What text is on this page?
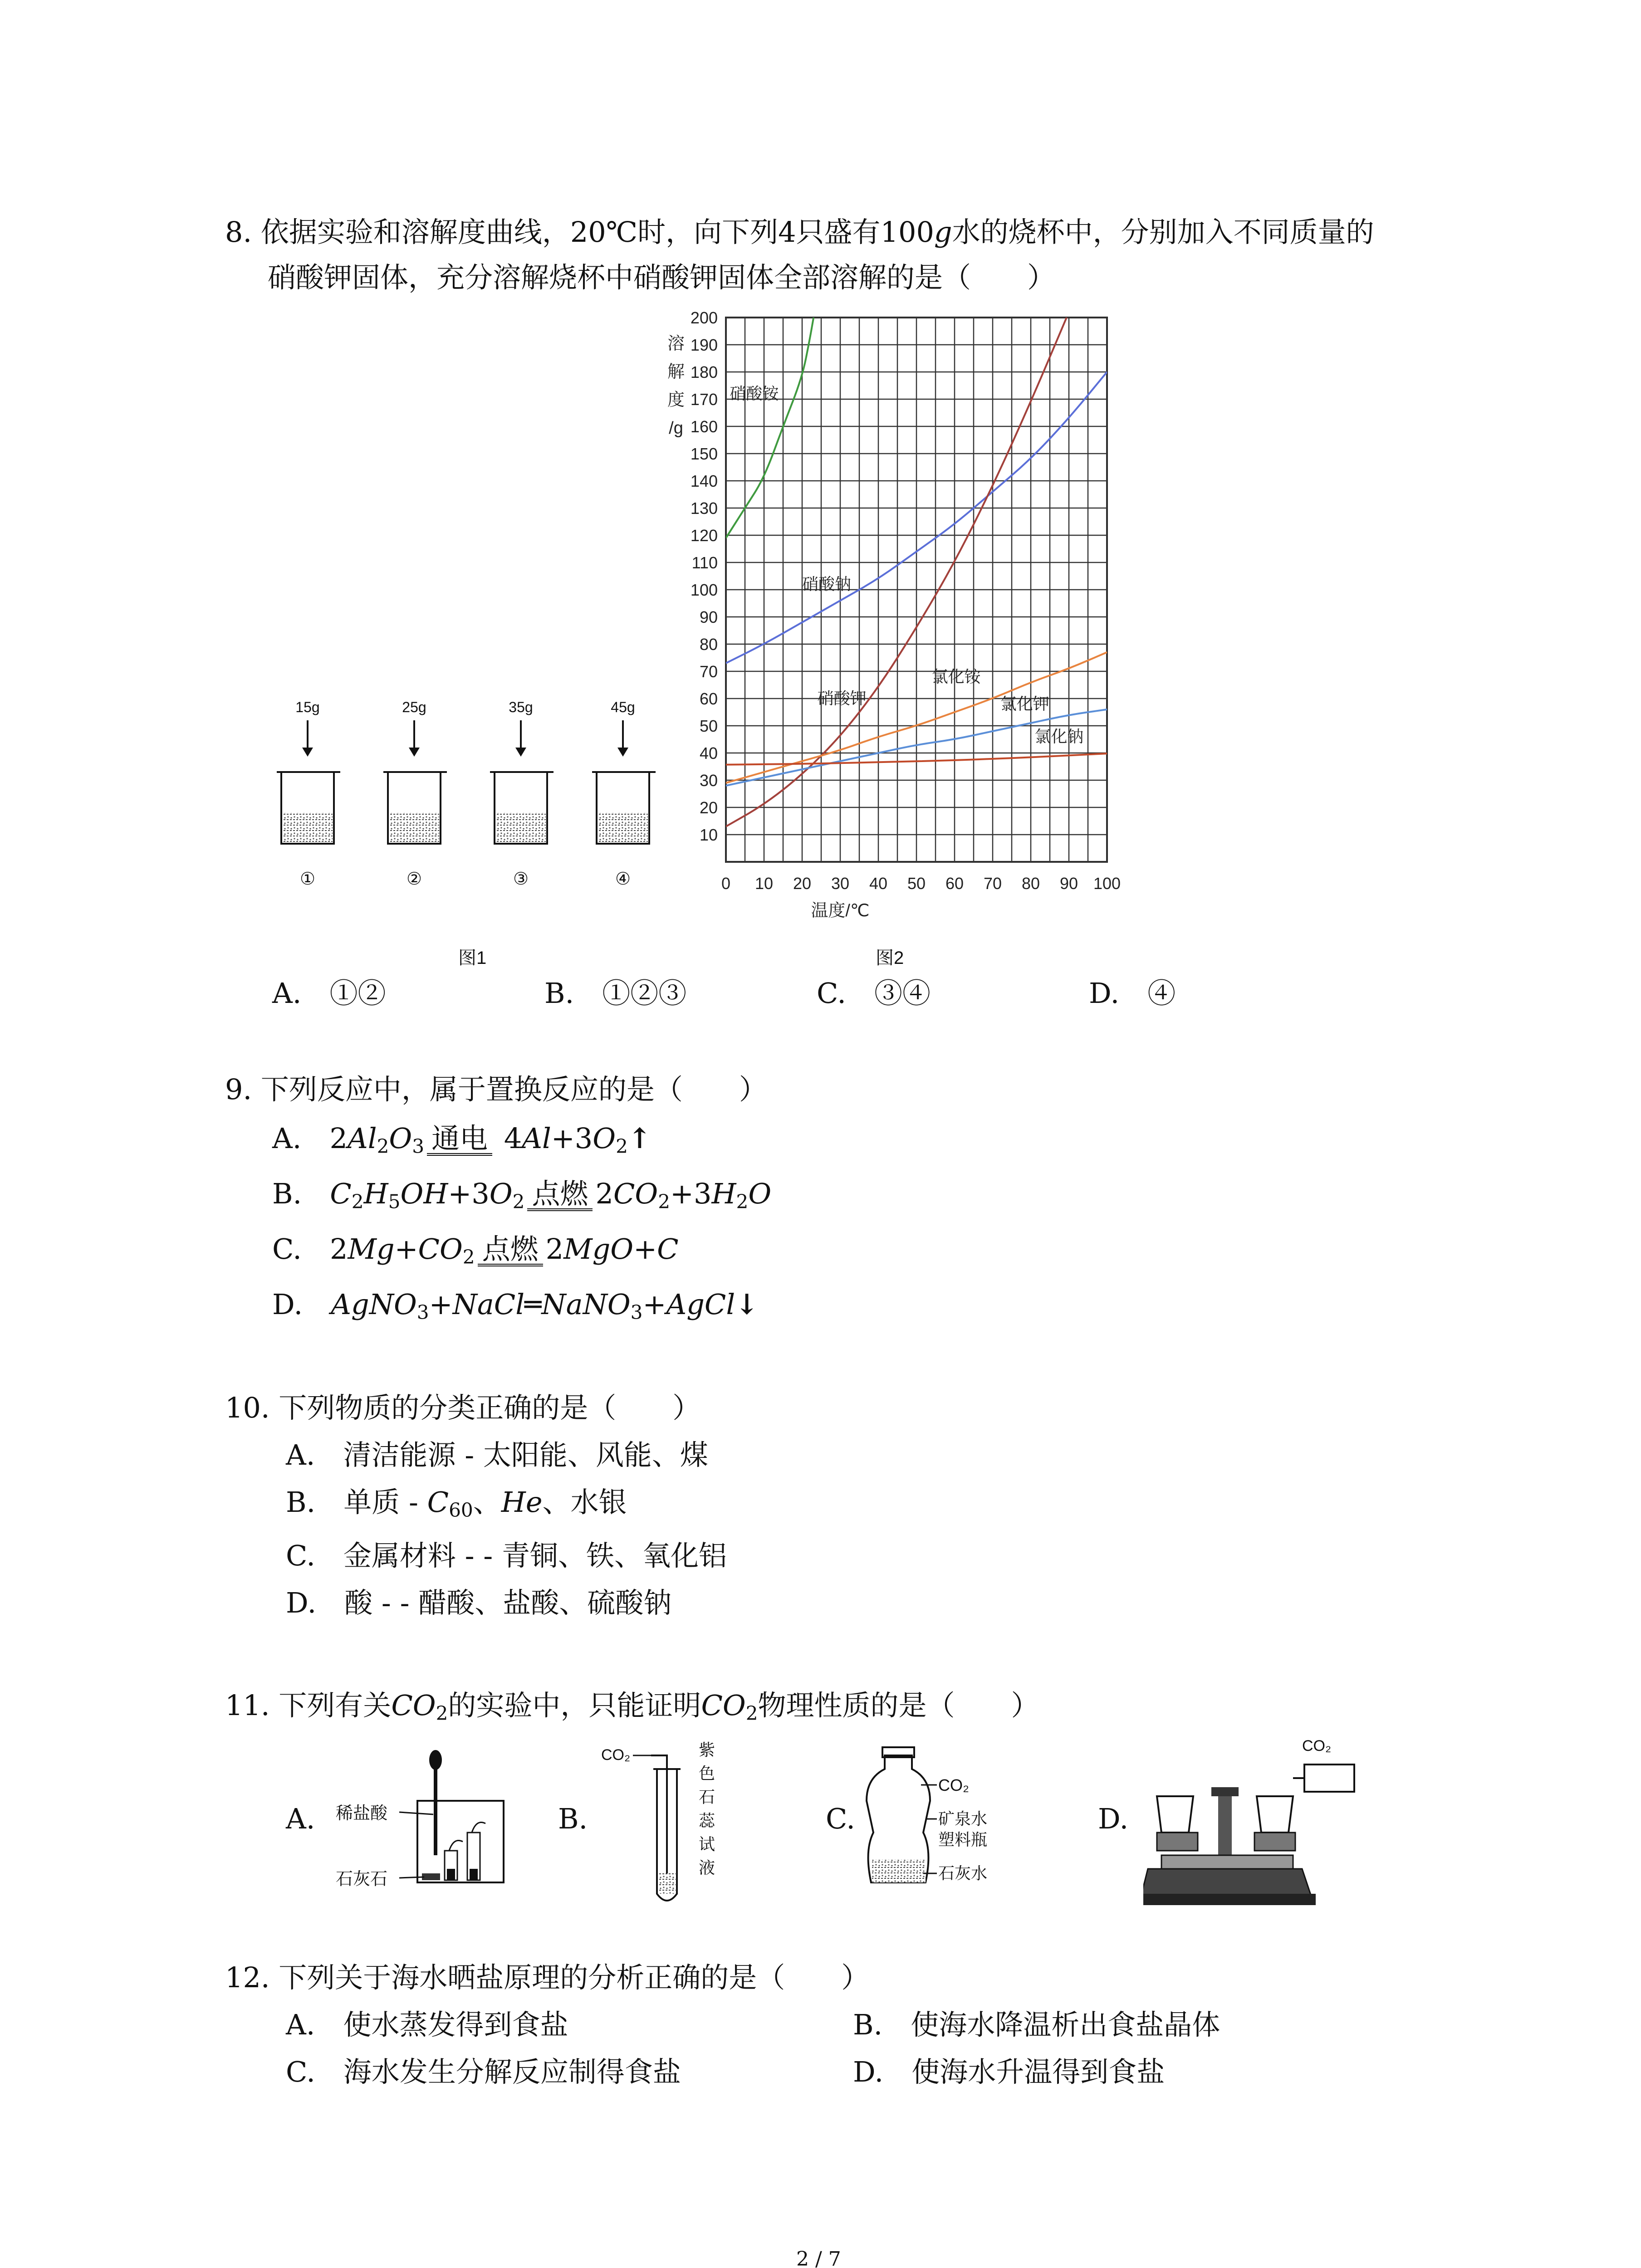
8. 依据实验和溶解度曲线，20℃时，向下列4只盛有100g水的烧杯中，分别加入不同质量的
硝酸钾固体，充分溶解烧杯中硝酸钾固体全部溶解的是（　　）
15g
①
25g
②
35g
③
45g
④
图1
10
20
30
40
50
60
70
80
90
100
110
120
130
140
150
160
170
180
190
200
0 10 20 30 40 50 60 70 80 90 100
溶
解
度
/g
温度/℃
硝酸铵
硝酸钠
硝酸钾
氯化铵
氯化钾
氯化钠
图2
A.　 ①②	B.　 ①②③	C.　 ③④	D.　 ④
9. 下列反应中，属于置换反应的是（　　）
A.　 $2Al_2O_3$ 通电 $4Al+3O_2↑$
B.　 $C_2H_5OH+3O_2$ 点燃 $2CO_2+3H_2O$
C.　$2Mg+CO_2$ 点燃 2MgO+C
D.　 AgNO$_3$+NaCl═NaNO$_3$+AgCl↓
10. 下列物质的分类正确的是（　　）
A.　清洁能源 - 太阳能、风能、煤
B.　单质 - $C_{60}$、He、水银
C.　金属材料 - - 青铜、铁、氧化铝
D.　酸 - - 醋酸、盐酸、硫酸钠
11. 下列有关$CO_2$的实验中，只能证明$CO_2$物理性质的是（　　）
A.	B.	C.	D.
稀盐酸
石灰石
CO₂	紫
色
石
蕊
试
液
CO₂
矿泉水
塑料瓶
石灰水
CO₂
12. 下列关于海水晒盐原理的分析正确的是（　　）
A.　使水蒸发得到食盐	B.　使海水降温析出食盐晶体
C.　海水发生分解反应制得食盐	D.　使海水升温得到食盐
2 / 7
